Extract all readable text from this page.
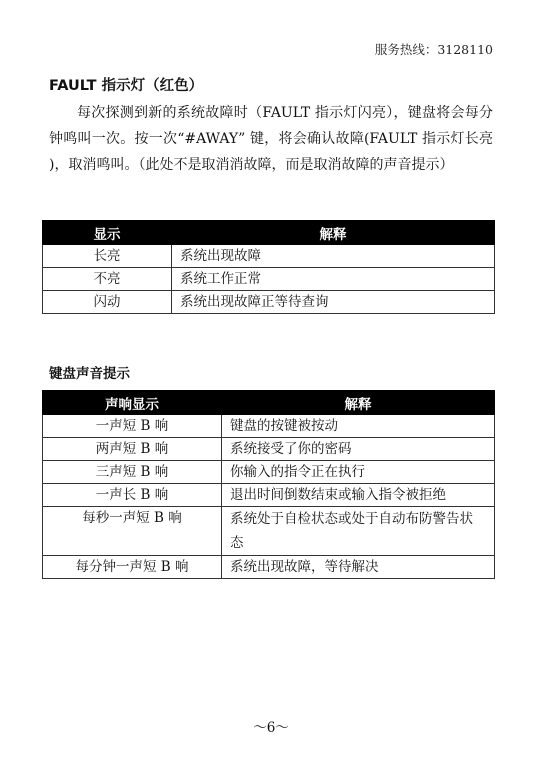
服务热线：3128110
FAULT 指示灯（红色）

每次探测到新的系统故障时（FAULT 指示灯闪亮），键盘将会每分钟鸣叫一次。按一次“#AWAY” 键，将会确认故障(FAULT 指示灯长亮 )，取消鸣叫。（此处不是取消消故障，而是取消故障的声音提示）

显示	解释
长亮	系统出现故障
不亮	系统工作正常
闪动	系统出现故障正等待查询
键盘声音提示
声响显示	解释
一声短 B 响	键盘的按键被按动
两声短 B 响	系统接受了你的密码
三声短 B 响	你输入的指令正在执行
一声长 B 响	退出时间倒数结束或输入指令被拒绝
每秒一声短 B 响	系统处于自检状态或处于自动布防警告状态
每分钟一声短 B 响	系统出现故障，等待解决
～6～
